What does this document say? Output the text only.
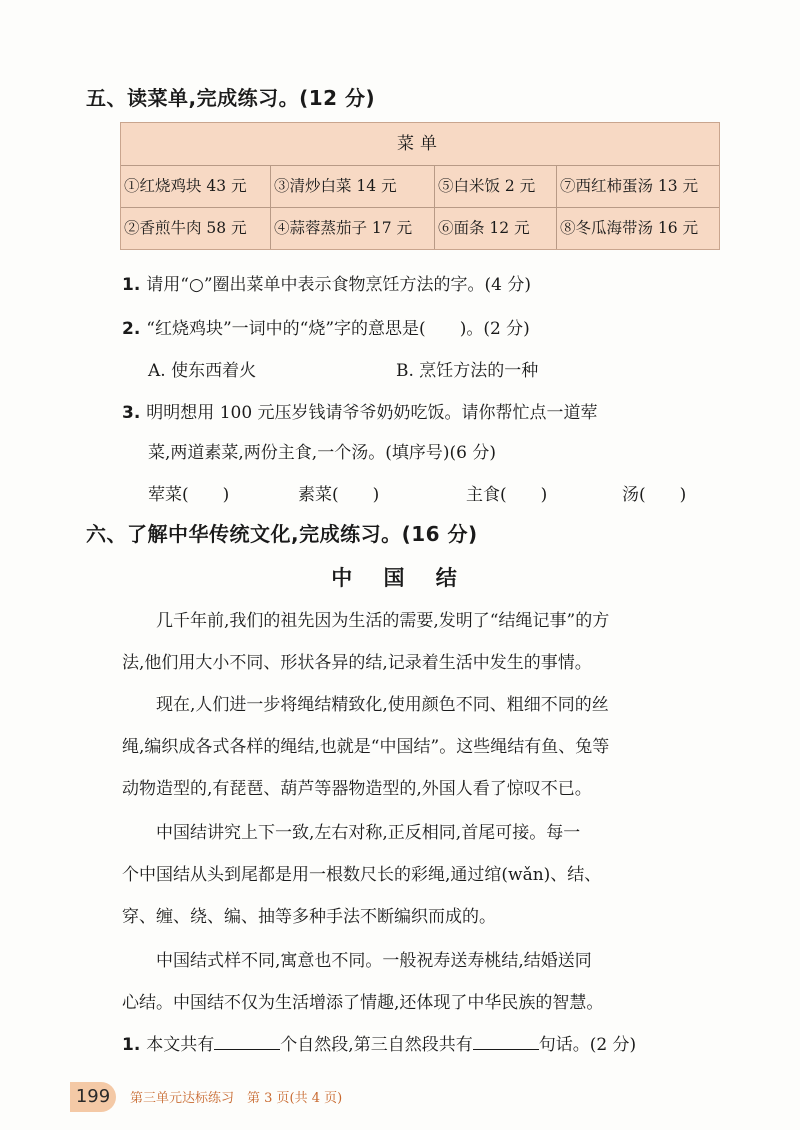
五、读菜单,完成练习。(12 分)
菜单
①红烧鸡块 43 元	③清炒白菜 14 元	⑤白米饭 2 元	⑦西红柿蛋汤 13 元
②香煎牛肉 58 元	④蒜蓉蒸茄子 17 元	⑥面条 12 元	⑧冬瓜海带汤 16 元
1. 请用“○”圈出菜单中表示食物烹饪方法的字。(4 分)
2. “红烧鸡块”一词中的“烧”字的意思是(　　)。(2 分)
A. 使东西着火	B. 烹饪方法的一种
3. 明明想用 100 元压岁钱请爷爷奶奶吃饭。请你帮忙点一道荤
菜,两道素菜,两份主食,一个汤。(填序号)(6 分)
荤菜(　　)	素菜(　　)	主食(　　)	汤(　　)
六、了解中华传统文化,完成练习。(16 分)
中 国 结
　　几千年前,我们的祖先因为生活的需要,发明了“结绳记事”的方
法,他们用大小不同、形状各异的结,记录着生活中发生的事情。
　　现在,人们进一步将绳结精致化,使用颜色不同、粗细不同的丝
绳,编织成各式各样的绳结,也就是“中国结”。这些绳结有鱼、兔等
动物造型的,有琵琶、葫芦等器物造型的,外国人看了惊叹不已。
　　中国结讲究上下一致,左右对称,正反相同,首尾可接。每一
个中国结从头到尾都是用一根数尺长的彩绳,通过绾(wǎn)、结、
穿、缠、绕、编、抽等多种手法不断编织而成的。
　　中国结式样不同,寓意也不同。一般祝寿送寿桃结,结婚送同
心结。中国结不仅为生活增添了情趣,还体现了中华民族的智慧。
1. 本文共有	个自然段,第三自然段共有	句话。(2 分)
199	第三单元达标练习　第 3 页(共 4 页)
